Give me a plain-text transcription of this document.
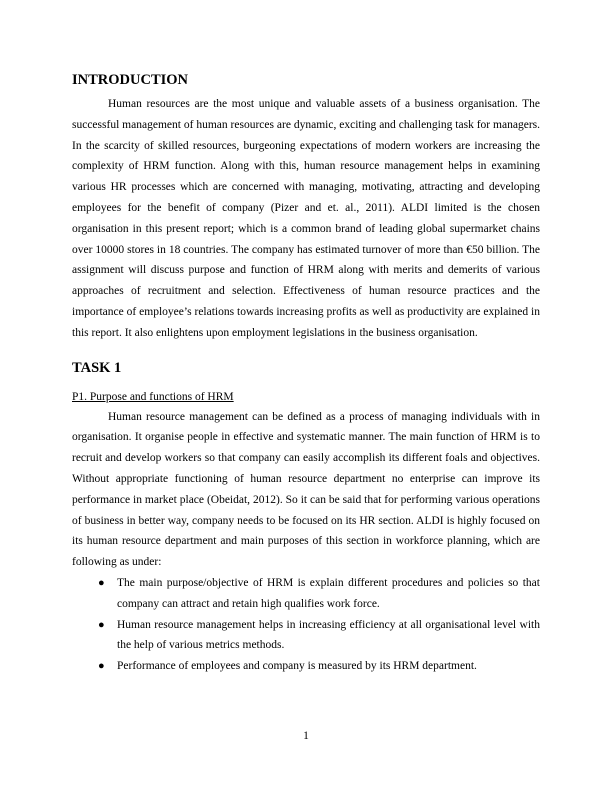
INTRODUCTION

Human resources are the most unique and valuable assets of a business organisation. The successful management of human resources are dynamic, exciting and challenging task for managers. In the scarcity of skilled resources, burgeoning expectations of modern workers are increasing the complexity of HRM function. Along with this, human resource management helps in examining various HR processes which are concerned with managing, motivating, attracting and developing employees for the benefit of company (Pizer and et. al., 2011). ALDI limited is the chosen organisation in this present report; which is a common brand of leading global supermarket chains over 10000 stores in 18 countries. The company has estimated turnover of more than €50 billion. The assignment will discuss purpose and function of HRM along with merits and demerits of various approaches of recruitment and selection. Effectiveness of human resource practices and the importance of employee’s relations towards increasing profits as well as productivity are explained in this report. It also enlightens upon employment legislations in the business organisation.

TASK 1

P1. Purpose and functions of HRM

Human resource management can be defined as a process of managing individuals with in organisation. It organise people in effective and systematic manner. The main function of HRM is to recruit and develop workers so that company can easily accomplish its different foals and objectives. Without appropriate functioning of human resource department no enterprise can improve its performance in market place (Obeidat, 2012). So it can be said that for performing various operations of business in better way, company needs to be focused on its HR section. ALDI is highly focused on its human resource department and main purposes of this section in workforce planning, which are following as under:

● The main purpose/objective of HRM is explain different procedures and policies so that company can attract and retain high qualifies work force.
● Human resource management helps in increasing efficiency at all organisational level with the help of various metrics methods.
● Performance of employees and company is measured by its HRM department.
1
